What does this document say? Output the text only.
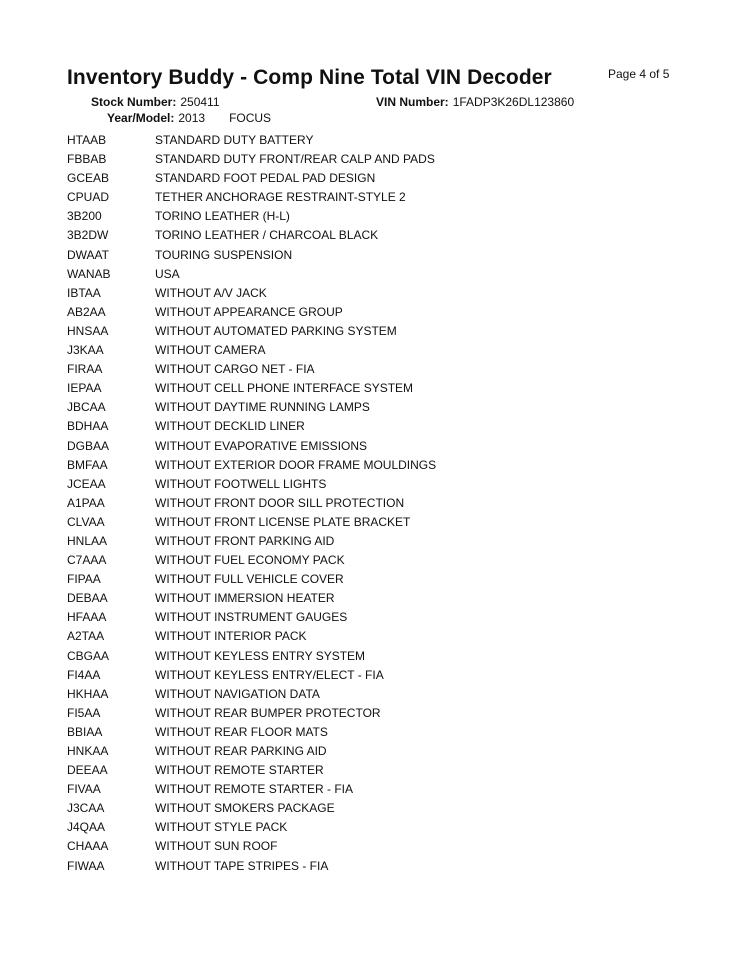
Inventory Buddy - Comp Nine Total VIN Decoder	Page 4 of 5
Stock Number: 250411
Year/Model: 2013 FOCUS
VIN Number: 1FADP3K26DL123860
HTAAB	STANDARD DUTY BATTERY
FBBAB	STANDARD DUTY FRONT/REAR CALP AND PADS
GCEAB	STANDARD FOOT PEDAL PAD DESIGN
CPUAD	TETHER ANCHORAGE RESTRAINT-STYLE 2
3B200	TORINO LEATHER (H-L)
3B2DW	TORINO LEATHER / CHARCOAL BLACK
DWAAT	TOURING SUSPENSION
WANAB	USA
IBTAA	WITHOUT A/V JACK
AB2AA	WITHOUT APPEARANCE GROUP
HNSAA	WITHOUT AUTOMATED PARKING SYSTEM
J3KAA	WITHOUT CAMERA
FIRAA	WITHOUT CARGO NET - FIA
IEPAA	WITHOUT CELL PHONE INTERFACE SYSTEM
JBCAA	WITHOUT DAYTIME RUNNING LAMPS
BDHAA	WITHOUT DECKLID LINER
DGBAA	WITHOUT EVAPORATIVE EMISSIONS
BMFAA	WITHOUT EXTERIOR DOOR FRAME MOULDINGS
JCEAA	WITHOUT FOOTWELL LIGHTS
A1PAA	WITHOUT FRONT DOOR SILL PROTECTION
CLVAA	WITHOUT FRONT LICENSE PLATE BRACKET
HNLAA	WITHOUT FRONT PARKING AID
C7AAA	WITHOUT FUEL ECONOMY PACK
FIPAA	WITHOUT FULL VEHICLE COVER
DEBAA	WITHOUT IMMERSION HEATER
HFAAA	WITHOUT INSTRUMENT GAUGES
A2TAA	WITHOUT INTERIOR PACK
CBGAA	WITHOUT KEYLESS ENTRY SYSTEM
FI4AA	WITHOUT KEYLESS ENTRY/ELECT - FIA
HKHAA	WITHOUT NAVIGATION DATA
FI5AA	WITHOUT REAR BUMPER PROTECTOR
BBIAA	WITHOUT REAR FLOOR MATS
HNKAA	WITHOUT REAR PARKING AID
DEEAA	WITHOUT REMOTE STARTER
FIVAA	WITHOUT REMOTE STARTER - FIA
J3CAA	WITHOUT SMOKERS PACKAGE
J4QAA	WITHOUT STYLE PACK
CHAAA	WITHOUT SUN ROOF
FIWAA	WITHOUT TAPE STRIPES - FIA
